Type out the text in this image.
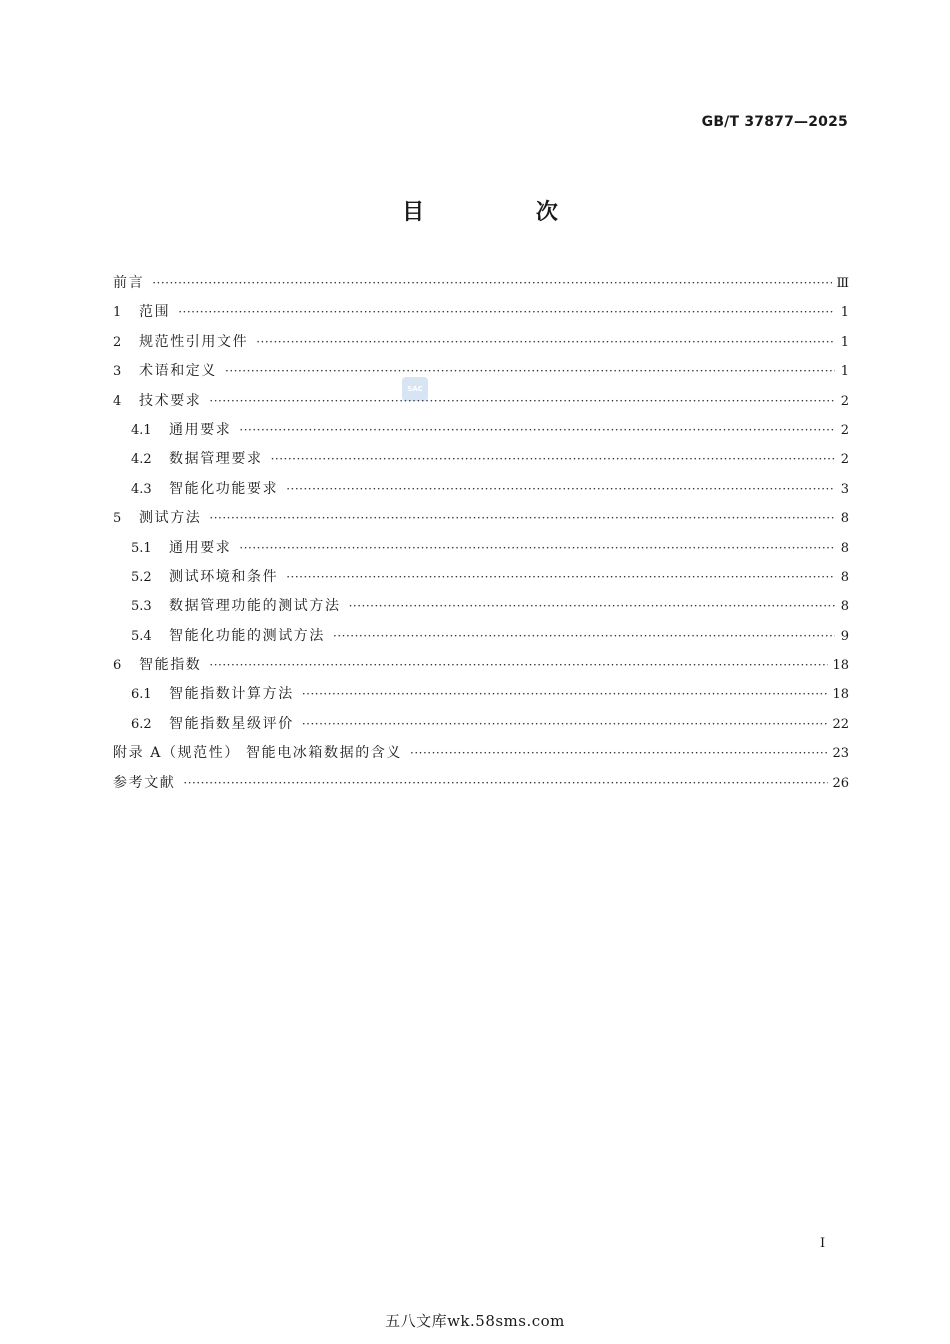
GB/T 37877—2025
目 次
SAC
前言 ·····	Ⅲ
1	范围 ·····	1
2	规范性引用文件 ·····	1
3	术语和定义 ·····	1
4	技术要求 ·····	2
4.1	通用要求 ·····	2
4.2	数据管理要求 ·····	2
4.3	智能化功能要求 ·····	3
5	测试方法 ·····	8
5.1	通用要求 ·····	8
5.2	测试环境和条件 ·····	8
5.3	数据管理功能的测试方法 ·····	8
5.4	智能化功能的测试方法 ·····	9
6	智能指数 ·····	18
6.1	智能指数计算方法 ·····	18
6.2	智能指数星级评价 ·····	22
附录 A（规范性） 智能电冰箱数据的含义 ·····	23
参考文献 ·····	26
I
五八文库wk.58sms.com
